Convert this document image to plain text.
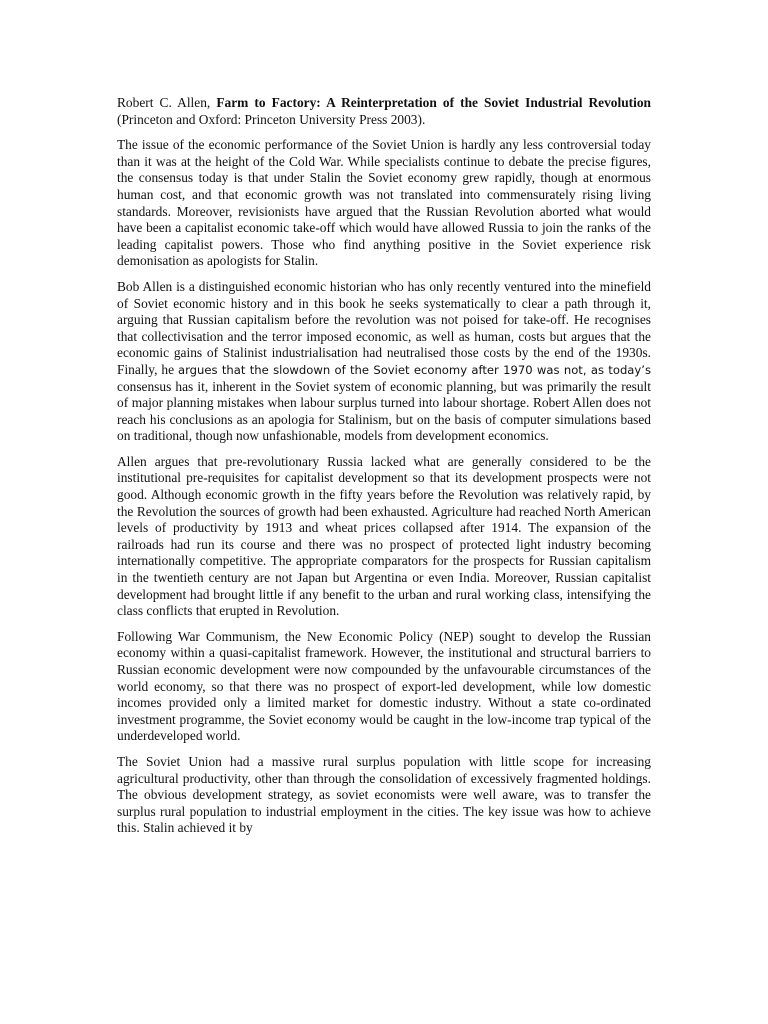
Robert C. Allen, Farm to Factory: A Reinterpretation of the Soviet Industrial Revolution (Princeton and Oxford: Princeton University Press 2003).

The issue of the economic performance of the Soviet Union is hardly any less controversial today than it was at the height of the Cold War. While specialists continue to debate the precise figures, the consensus today is that under Stalin the Soviet economy grew rapidly, though at enormous human cost, and that economic growth was not translated into commensurately rising living standards. Moreover, revisionists have argued that the Russian Revolution aborted what would have been a capitalist economic take-off which would have allowed Russia to join the ranks of the leading capitalist powers. Those who find anything positive in the Soviet experience risk demonisation as apologists for Stalin.

Bob Allen is a distinguished economic historian who has only recently ventured into the minefield of Soviet economic history and in this book he seeks systematically to clear a path through it, arguing that Russian capitalism before the revolution was not poised for take-off. He recognises that collectivisation and the terror imposed economic, as well as human, costs but argues that the economic gains of Stalinist industrialisation had neutralised those costs by the end of the 1930s. Finally, he argues that the slowdown of the Soviet economy after 1970 was not, as today’s consensus has it, inherent in the Soviet system of economic planning, but was primarily the result of major planning mistakes when labour surplus turned into labour shortage. Robert Allen does not reach his conclusions as an apologia for Stalinism, but on the basis of computer simulations based on traditional, though now unfashionable, models from development economics.

Allen argues that pre-revolutionary Russia lacked what are generally considered to be the institutional pre-requisites for capitalist development so that its development prospects were not good. Although economic growth in the fifty years before the Revolution was relatively rapid, by the Revolution the sources of growth had been exhausted. Agriculture had reached North American levels of productivity by 1913 and wheat prices collapsed after 1914. The expansion of the railroads had run its course and there was no prospect of protected light industry becoming internationally competitive. The appropriate comparators for the prospects for Russian capitalism in the twentieth century are not Japan but Argentina or even India. Moreover, Russian capitalist development had brought little if any benefit to the urban and rural working class, intensifying the class conflicts that erupted in Revolution.

Following War Communism, the New Economic Policy (NEP) sought to develop the Russian economy within a quasi-capitalist framework. However, the institutional and structural barriers to Russian economic development were now compounded by the unfavourable circumstances of the world economy, so that there was no prospect of export-led development, while low domestic incomes provided only a limited market for domestic industry. Without a state co-ordinated investment programme, the Soviet economy would be caught in the low-income trap typical of the underdeveloped world.

The Soviet Union had a massive rural surplus population with little scope for increasing agricultural productivity, other than through the consolidation of excessively fragmented holdings. The obvious development strategy, as soviet economists were well aware, was to transfer the surplus rural population to industrial employment in the cities. The key issue was how to achieve this. Stalin achieved it by
